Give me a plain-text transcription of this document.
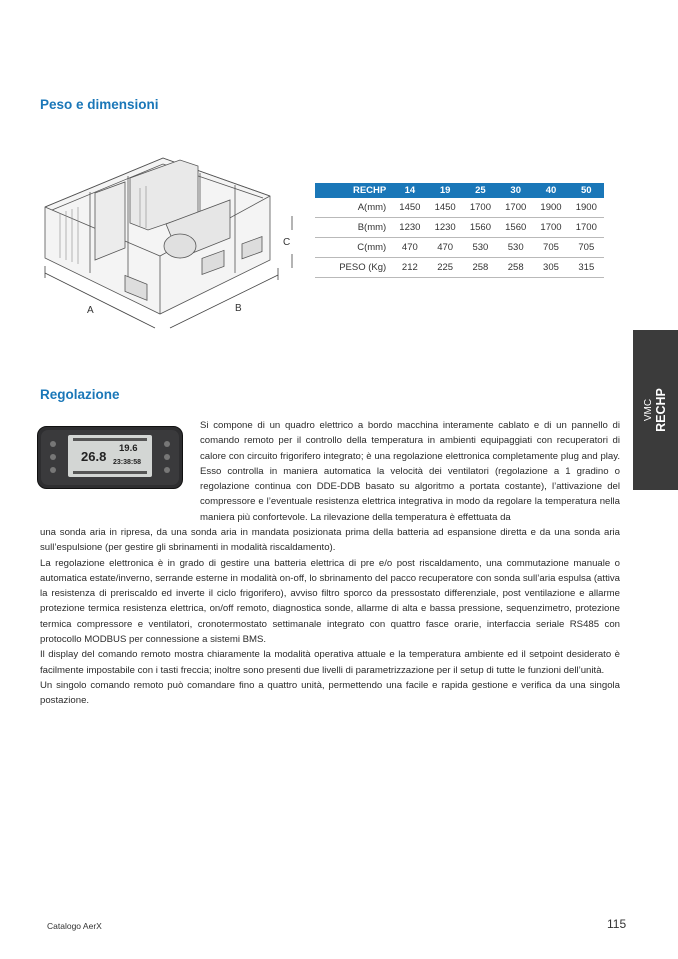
Peso e dimensioni
A	B
C
RECHP	14	19	25	30	40	50
A(mm)	1450	1450	1700	1700	1900	1900
B(mm)	1230	1230	1560	1560	1700	1700
C(mm)	470	470	530	530	705	705
PESO (Kg)	212	225	258	258	305	315
VMC RECHP
Regolazione
26.8
19.6
23:38:58

Si compone di un quadro elettrico a bordo macchina interamente cablato e di un pannello di comando remoto per il controllo della temperatura in ambienti equipaggiati con recuperatori di calore con circuito frigorifero integrato; è una regolazione elettronica completamente plug and play. Esso controlla in maniera automatica la velocità dei ventilatori (regolazione a 1 gradino o regolazione continua con DDE-DDB basato su algoritmo a portata costante), l’attivazione del compressore e l’eventuale resistenza elettrica integrativa in modo da regolare la temperatura nella maniera più confortevole. La rilevazione della temperatura è effettuata da

una sonda aria in ripresa, da una sonda aria in mandata posizionata prima della batteria ad espansione diretta e da una sonda aria sull’espulsione (per gestire gli sbrinamenti in modalità riscaldamento).

La regolazione elettronica è in grado di gestire una batteria elettrica di pre e/o post riscaldamento, una commutazione manuale o automatica estate/inverno, serrande esterne in modalità on-off, lo sbrinamento del pacco recuperatore con sonda sull’aria espulsa (attiva la resistenza di preriscaldo ed inverte il ciclo frigorifero), avviso filtro sporco da pressostato differenziale, post ventilazione e allarme protezione termica resistenza elettrica, on/off remoto, diagnostica sonde, allarme di alta e bassa pressione, sequenzimetro, protezione termica compressore e ventilatori, cronotermostato settimanale integrato con quattro fasce orarie, interfaccia seriale RS485 con protocollo MODBUS per connessione a sistemi BMS.

Il display del comando remoto mostra chiaramente la modalità operativa attuale e la temperatura ambiente ed il setpoint desiderato è facilmente impostabile con i tasti freccia; inoltre sono presenti due livelli di parametrizzazione per il setup di tutte le funzioni dell’unità.

Un singolo comando remoto può comandare fino a quattro unità, permettendo una facile e rapida gestione e verifica da una singola postazione.

Catalogo AerX	115
